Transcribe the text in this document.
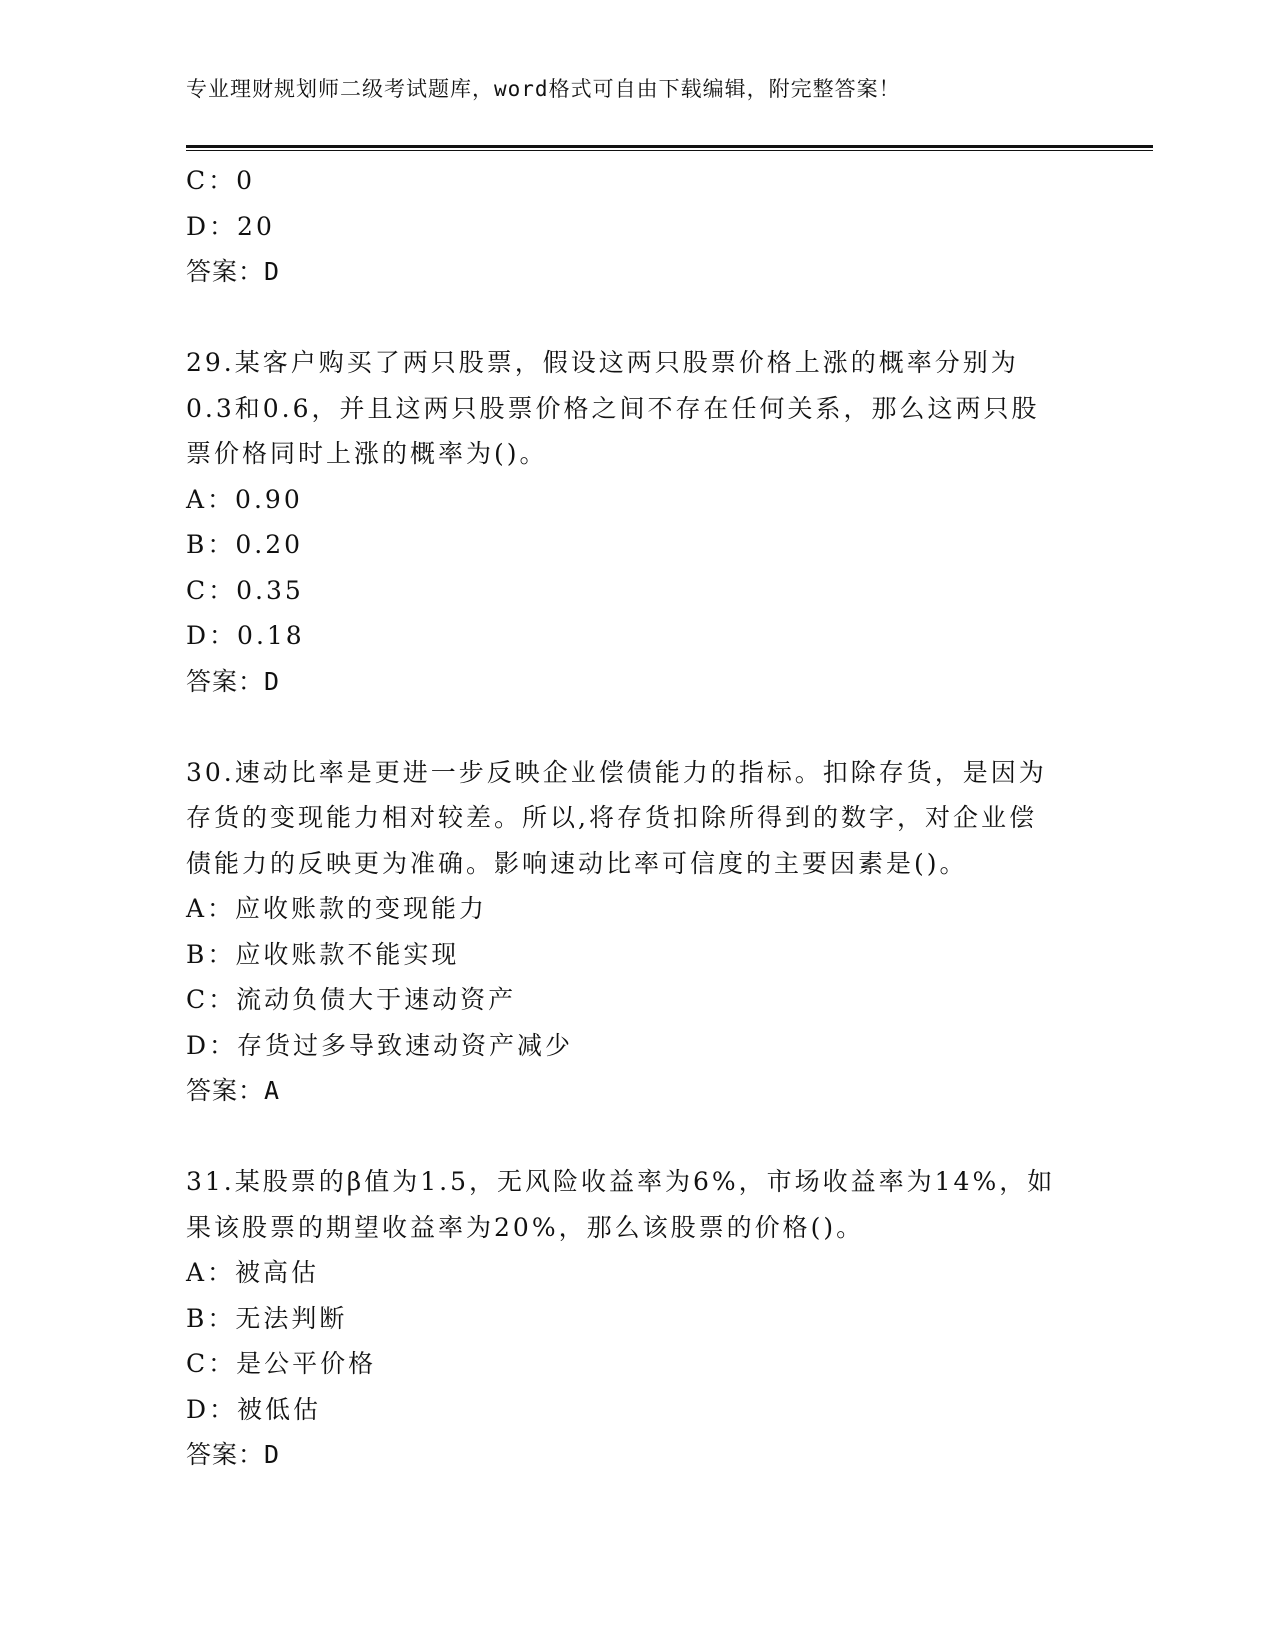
专业理财规划师二级考试题库，word格式可自由下载编辑，附完整答案！
C：0
D：20
答案：D
29.某客户购买了两只股票，假设这两只股票价格上涨的概率分别为
0.3和0.6，并且这两只股票价格之间不存在任何关系，那么这两只股
票价格同时上涨的概率为()。
A：0.90
B：0.20
C：0.35
D：0.18
答案：D
30.速动比率是更进一步反映企业偿债能力的指标。扣除存货，是因为
存货的变现能力相对较差。所以,将存货扣除所得到的数字，对企业偿
债能力的反映更为准确。影响速动比率可信度的主要因素是()。
A：应收账款的变现能力
B：应收账款不能实现
C：流动负债大于速动资产
D：存货过多导致速动资产减少
答案：A
31.某股票的β值为1.5，无风险收益率为6%，市场收益率为14%，如
果该股票的期望收益率为20%，那么该股票的价格()。
A：被高估
B：无法判断
C：是公平价格
D：被低估
答案：D
